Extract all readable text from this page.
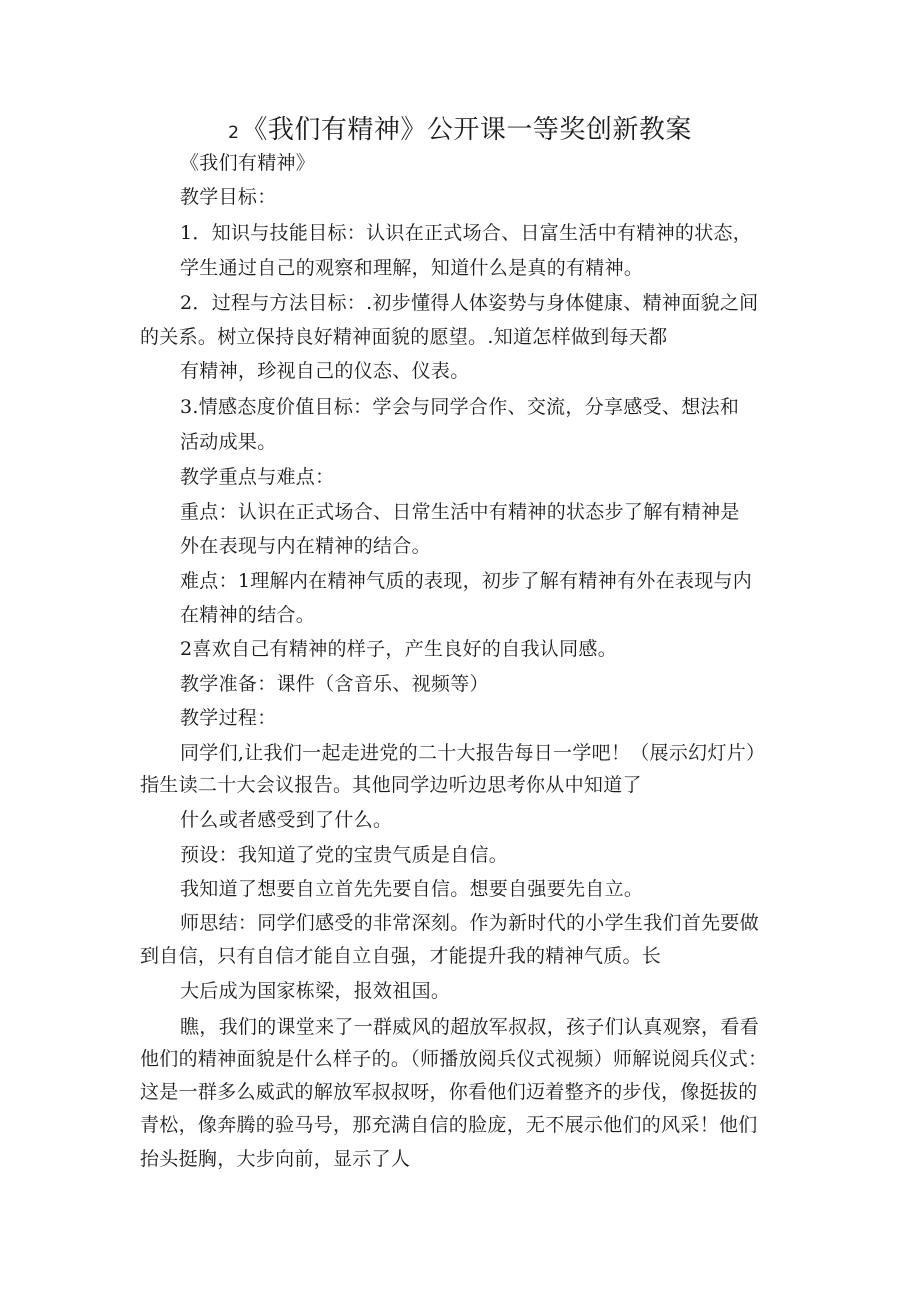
2《我们有精神》公开课一等奖创新教案
《我们有精神》
教学目标：
1．知识与技能目标：认识在正式场合、日富生活中有精神的状态，
学生通过自己的观察和理解，知道什么是真的有精神。
2．过程与方法目标：.初步懂得人体姿势与身体健康、精神面貌之间
的关系。树立保持良好精神面貌的愿望。.知道怎样做到每天都
有精神，珍视自己的仪态、仪表。
3.情感态度价值目标：学会与同学合作、交流，分享感受、想法和
活动成果。
教学重点与难点：
重点：认识在正式场合、日常生活中有精神的状态步了解有精神是
外在表现与内在精神的结合。
难点：1理解内在精神气质的表现，初步了解有精神有外在表现与内
在精神的结合。
2喜欢自己有精神的样子，产生良好的自我认同感。
教学准备：课件（含音乐、视频等）
教学过程：
同学们,让我们一起走进党的二十大报告每日一学吧！（展示幻灯片）
指生读二十大会议报告。其他同学边听边思考你从中知道了
什么或者感受到了什么。
预设：我知道了党的宝贵气质是自信。
我知道了想要自立首先先要自信。想要自强要先自立。
师思结：同学们感受的非常深刻。作为新时代的小学生我们首先要做
到自信，只有自信才能自立自强，才能提升我的精神气质。长
大后成为国家栋梁，报效祖国。
瞧，我们的课堂来了一群威风的超放军叔叔，孩子们认真观察，看看
他们的精神面貌是什么样子的。（师播放阅兵仪式视频）师解说阅兵仪式：
这是一群多么威武的解放军叔叔呀，你看他们迈着整齐的步伐，像挺拔的
青松，像奔腾的验马号，那充满自信的脸庞，无不展示他们的风采！他们
抬头挺胸，大步向前，显示了人
